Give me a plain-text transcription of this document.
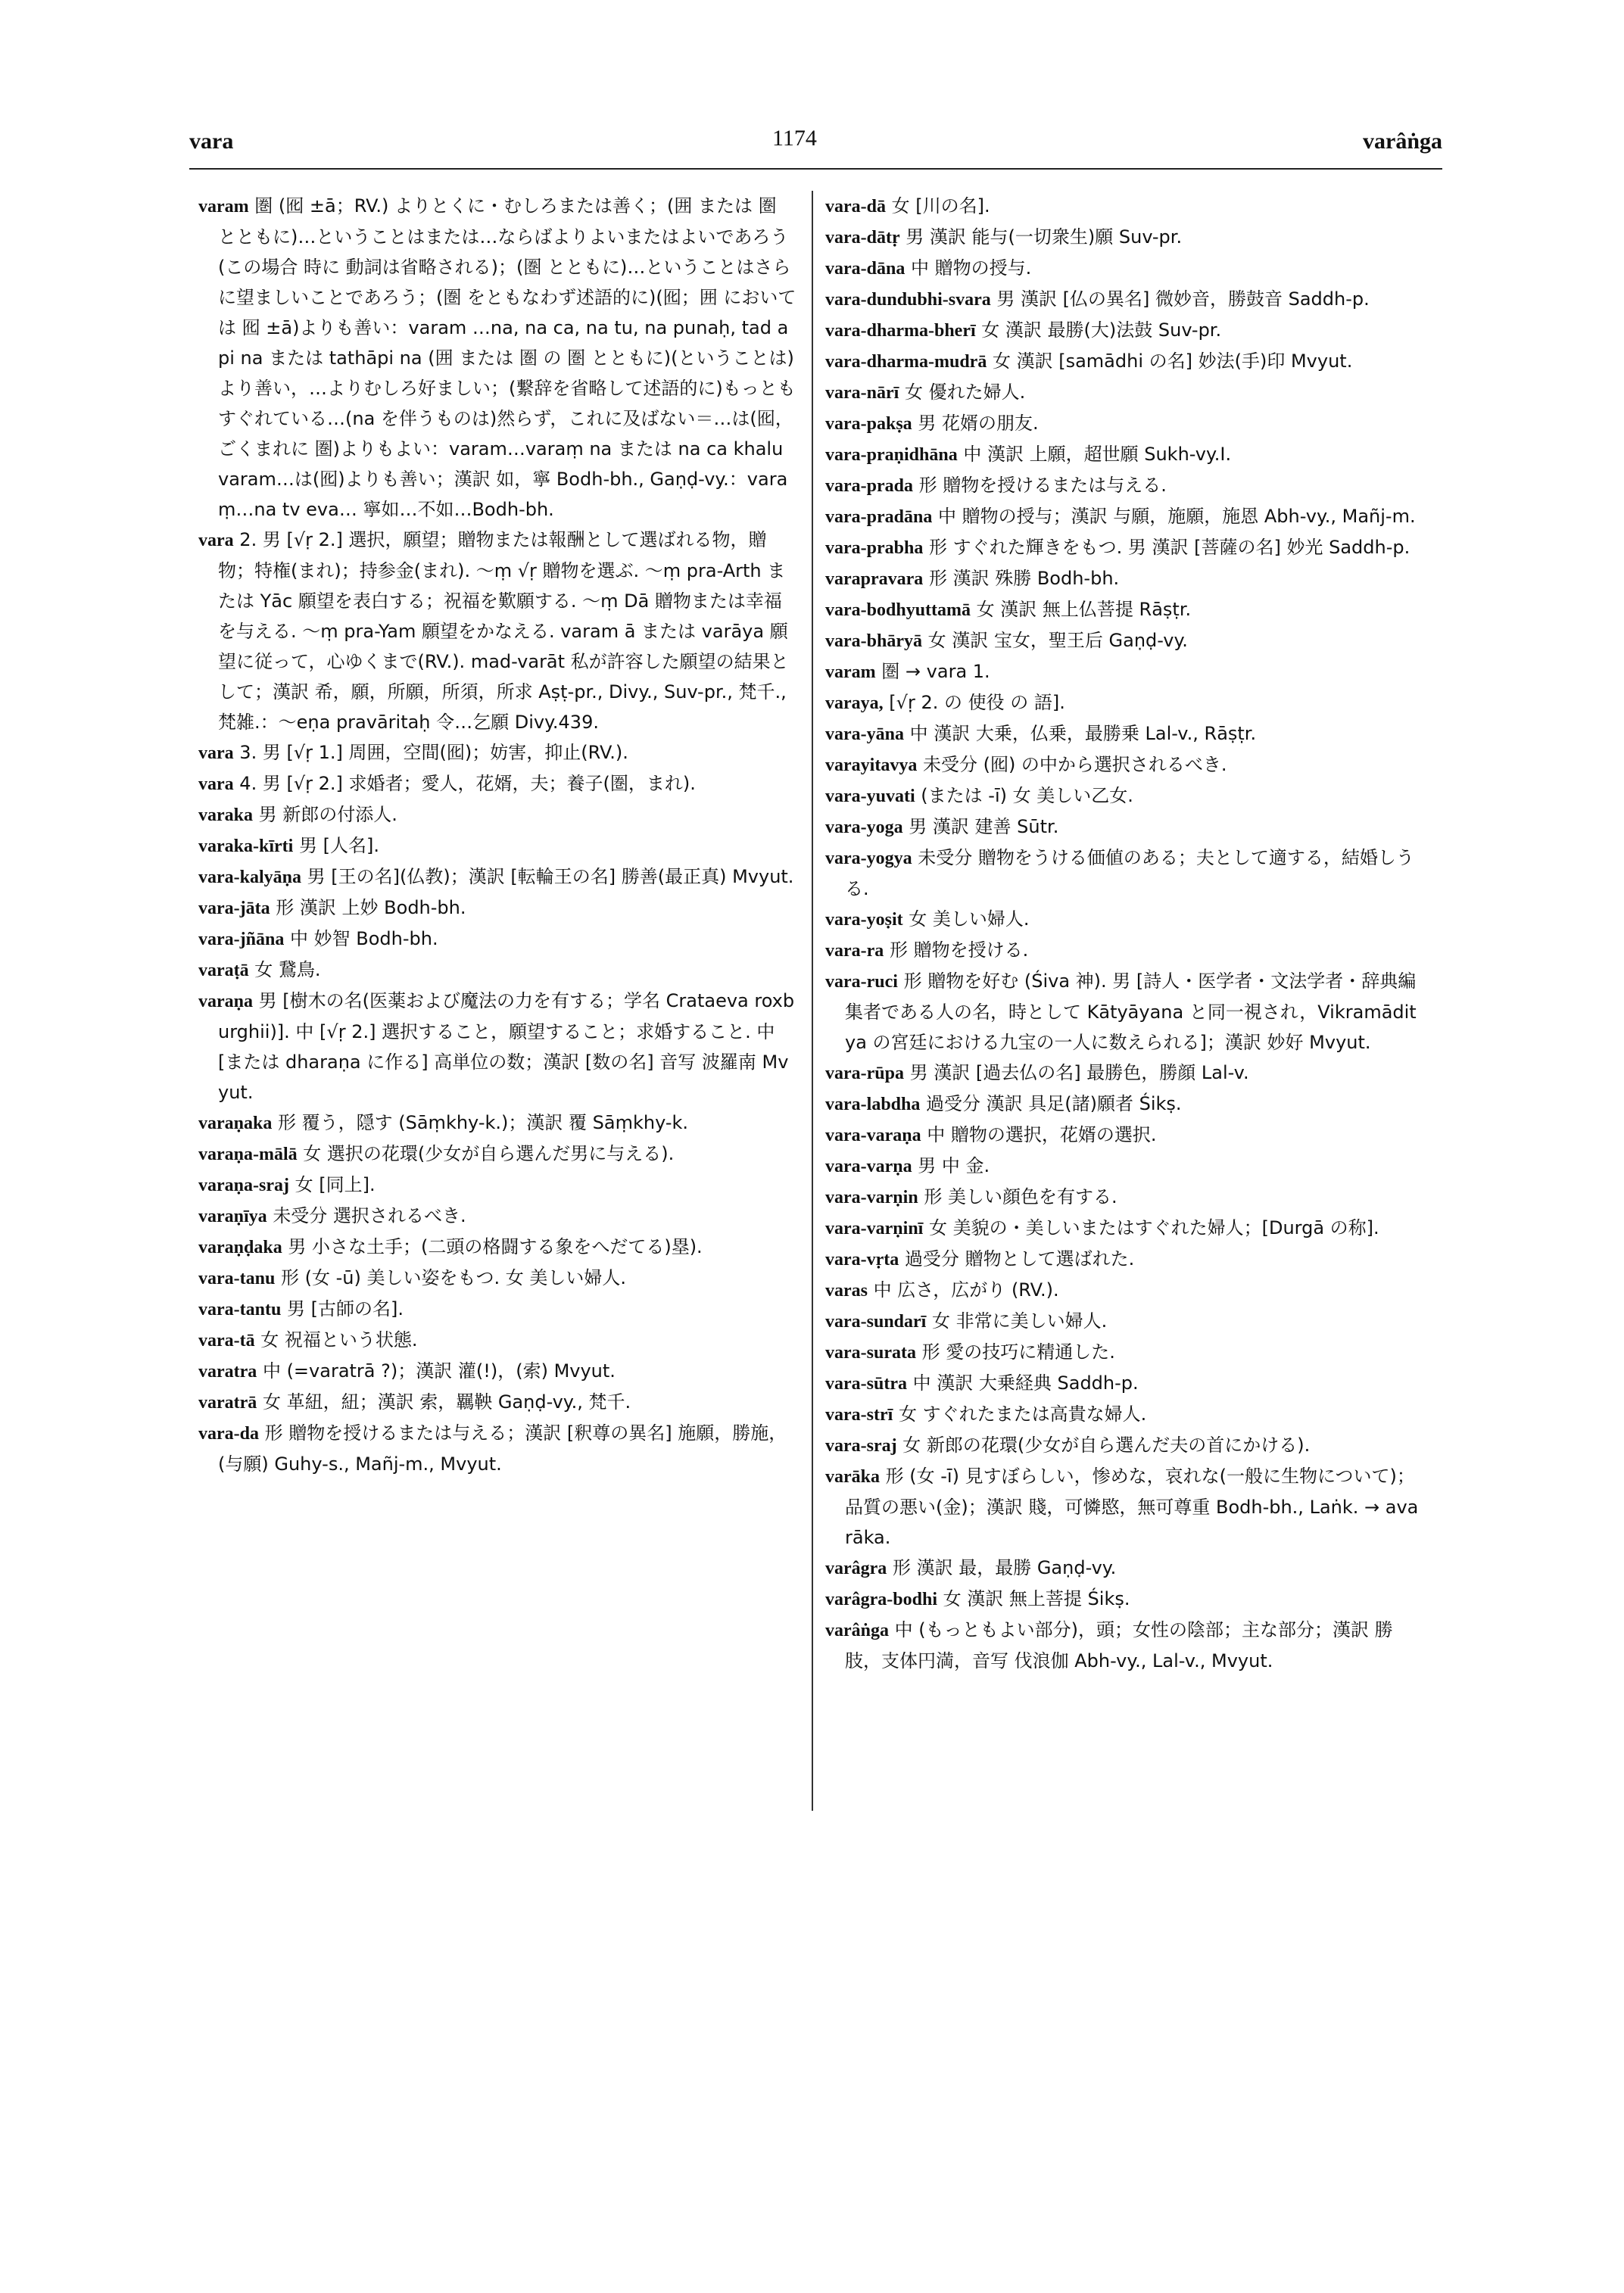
vara	1174	varâṅga

varam 圏 (囮 ±ā；RV.) よりとくに・むしろまたは善く；(囲 または 圏 とともに)…ということはまたは…ならばよりよいまたはよいであろう(この場合 時に 動詞は省略される)；(圏 とともに)…ということはさらに望ましいことであろう；(圏 をともなわず述語的に)(囮；囲 においては 囮 ±ā)よりも善い：varam …na, na ca, na tu, na punaḥ, tad api na または tathāpi na (囲 または 圏 の 圏 とともに)(ということは)より善い，…よりむしろ好ましい；(繋辞を省略して述語的に)もっともすぐれている…(na を伴うものは)然らず，これに及ばない＝…は(囮，ごくまれに 圏)よりもよい：varam…varaṃ na または na ca khalu varam…は(囮)よりも善い；漢訳 如，寧 Bodh-bh., Gaṇḍ-vy.：varaṃ…na tv eva… 寧如…不如…Bodh-bh.

vara 2. 男 [√ṛ 2.] 選択，願望；贈物または報酬として選ばれる物，贈物；特権(まれ)；持参金(まれ). ～ṃ √ṛ 贈物を選ぶ. ～ṃ pra-Arth または Yāc 願望を表白する；祝福を歎願する. ～ṃ Dā 贈物または幸福を与える. ～ṃ pra-Yam 願望をかなえる. varam ā または varāya 願望に従って，心ゆくまで(RV.). mad-varāt 私が許容した願望の結果として；漢訳 希，願，所願，所須，所求 Aṣṭ-pr., Divy., Suv-pr., 梵千., 梵雑.：～eṇa pravāritaḥ 令…乞願 Divy.439.

vara 3. 男 [√ṛ 1.] 周囲，空間(囮)；妨害，抑止(RV.).

vara 4. 男 [√ṛ 2.] 求婚者；愛人，花婿，夫；養子(圏，まれ).

varaka 男 新郎の付添人.

varaka-kīrti 男 [人名].

vara-kalyāṇa 男 [王の名](仏教)；漢訳 [転輪王の名] 勝善(最正真) Mvyut.

vara-jāta 形 漢訳 上妙 Bodh-bh.

vara-jñāna 中 妙智 Bodh-bh.

varaṭā 女 鵞鳥.

varaṇa 男 [樹木の名(医薬および魔法の力を有する；学名 Crataeva roxburghii)]. 中 [√ṛ 2.] 選択すること，願望すること；求婚すること. 中 [または dharaṇa に作る] 高単位の数；漢訳 [数の名] 音写 波羅南 Mvyut.

varaṇaka 形 覆う，隠す (Sāṃkhy-k.)；漢訳 覆 Sāṃkhy-k.

varaṇa-mālā 女 選択の花環(少女が自ら選んだ男に与える).

varaṇa-sraj 女 [同上].

varaṇīya 未受分 選択されるべき.

varaṇḍaka 男 小さな土手；(二頭の格闘する象をへだてる)塁).

vara-tanu 形 (女 -ū) 美しい姿をもつ. 女 美しい婦人.

vara-tantu 男 [古師の名].

vara-tā 女 祝福という状態.

varatra 中 (=varatrā ?)；漢訳 灌(!)，(索) Mvyut.

varatrā 女 革紐，紐；漢訳 索，羈鞅 Gaṇḍ-vy., 梵千.

vara-da 形 贈物を授けるまたは与える；漢訳 [釈尊の異名] 施願，勝施，(与願) Guhy-s., Mañj-m., Mvyut.

vara-dā 女 [川の名].

vara-dātṛ 男 漢訳 能与(一切衆生)願 Suv-pr.

vara-dāna 中 贈物の授与.

vara-dundubhi-svara 男 漢訳 [仏の異名] 微妙音，勝鼓音 Saddh-p.

vara-dharma-bherī 女 漢訳 最勝(大)法鼓 Suv-pr.

vara-dharma-mudrā 女 漢訳 [samādhi の名] 妙法(手)印 Mvyut.

vara-nārī 女 優れた婦人.

vara-pakṣa 男 花婿の朋友.

vara-praṇidhāna 中 漢訳 上願，超世願 Sukh-vy.I.

vara-prada 形 贈物を授けるまたは与える.

vara-pradāna 中 贈物の授与；漢訳 与願，施願，施恩 Abh-vy., Mañj-m.

vara-prabha 形 すぐれた輝きをもつ. 男 漢訳 [菩薩の名] 妙光 Saddh-p.

varapravara 形 漢訳 殊勝 Bodh-bh.

vara-bodhyuttamā 女 漢訳 無上仏菩提 Rāṣṭr.

vara-bhāryā 女 漢訳 宝女，聖王后 Gaṇḍ-vy.

varam 圏 → vara 1.

varaya, [√ṛ 2. の 使役 の 語].

vara-yāna 中 漢訳 大乗，仏乗，最勝乗 Lal-v., Rāṣṭr.

varayitavya 未受分 (囮) の中から選択されるべき.

vara-yuvati (または -ī) 女 美しい乙女.

vara-yoga 男 漢訳 建善 Sūtr.

vara-yogya 未受分 贈物をうける価値のある；夫として適する，結婚しうる.

vara-yoṣit 女 美しい婦人.

vara-ra 形 贈物を授ける.

vara-ruci 形 贈物を好む (Śiva 神). 男 [詩人・医学者・文法学者・辞典編集者である人の名，時として Kātyāyana と同一視され，Vikramāditya の宮廷における九宝の一人に数えられる]；漢訳 妙好 Mvyut.

vara-rūpa 男 漢訳 [過去仏の名] 最勝色，勝顔 Lal-v.

vara-labdha 過受分 漢訳 具足(諸)願者 Śikṣ.

vara-varaṇa 中 贈物の選択，花婿の選択.

vara-varṇa 男 中 金.

vara-varṇin 形 美しい顔色を有する.

vara-varṇinī 女 美貌の・美しいまたはすぐれた婦人；[Durgā の称].

vara-vṛta 過受分 贈物として選ばれた.

varas 中 広さ，広がり (RV.).

vara-sundarī 女 非常に美しい婦人.

vara-surata 形 愛の技巧に精通した.

vara-sūtra 中 漢訳 大乗経典 Saddh-p.

vara-strī 女 すぐれたまたは高貴な婦人.

vara-sraj 女 新郎の花環(少女が自ら選んだ夫の首にかける).

varāka 形 (女 -ī) 見すぼらしい，惨めな，哀れな(一般に生物について)；品質の悪い(金)；漢訳 賤，可憐愍，無可尊重 Bodh-bh., Laṅk. → avarāka.

varâgra 形 漢訳 最，最勝 Gaṇḍ-vy.

varâgra-bodhi 女 漢訳 無上菩提 Śikṣ.

varâṅga 中 (もっともよい部分)，頭；女性の陰部；主な部分；漢訳 勝肢，支体円満，音写 伐浪伽 Abh-vy., Lal-v., Mvyut.
